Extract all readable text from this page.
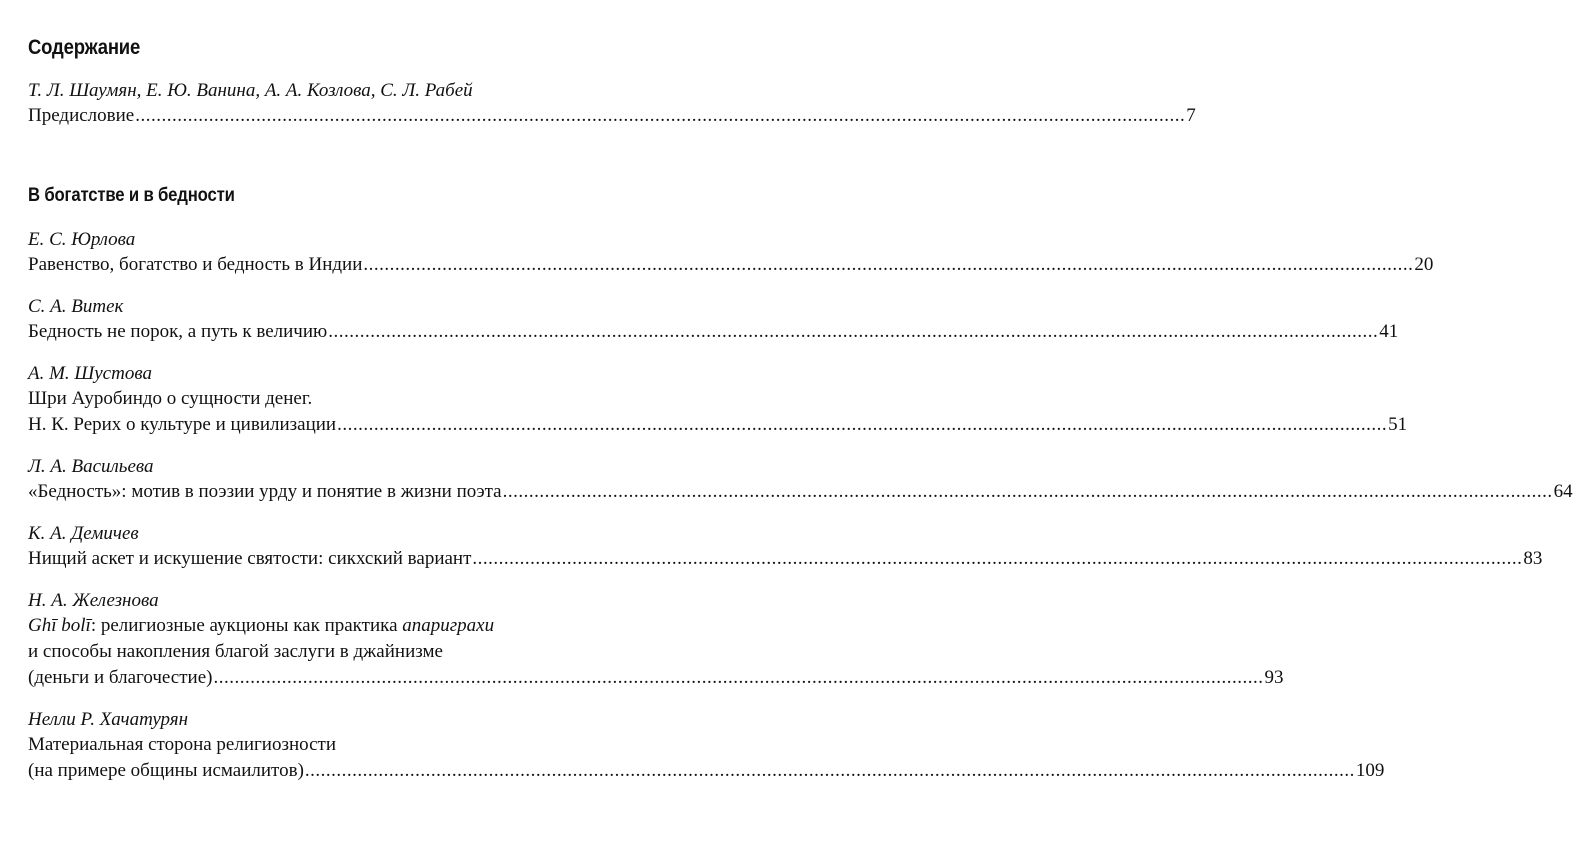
Содержание
Т. Л. Шаумян, Е. Ю. Ванина, А. А. Козлова, С. Л. Рабей
Предисловие ........................................................................................................................................................................................................ 7
В богатстве и в бедности
Е. С. Юрлова
Равенство, богатство и бедность в Индии ........................................................................................................................................................................................................ 20
С. А. Витек
Бедность не порок, а путь к величию ........................................................................................................................................................................................................ 41
А. М. Шустова
Шри Ауробиндо о сущности денег.
Н. К. Рерих о культуре и цивилизации ........................................................................................................................................................................................................ 51
Л. А. Васильева
«Бедность»: мотив в поэзии урду и понятие в жизни поэта ........................................................................................................................................................................................................ 64
К. А. Демичев
Нищий аскет и искушение святости: сикхский вариант ........................................................................................................................................................................................................ 83
Н. А. Железнова
Ghī bolī: религиозные аукционы как практика апариграхи
и способы накопления благой заслуги в джайнизме
(деньги и благочестие) ........................................................................................................................................................................................................ 93
Нелли Р. Хачатурян
Материальная сторона религиозности
(на примере общины исмаилитов) ........................................................................................................................................................................................................ 109
